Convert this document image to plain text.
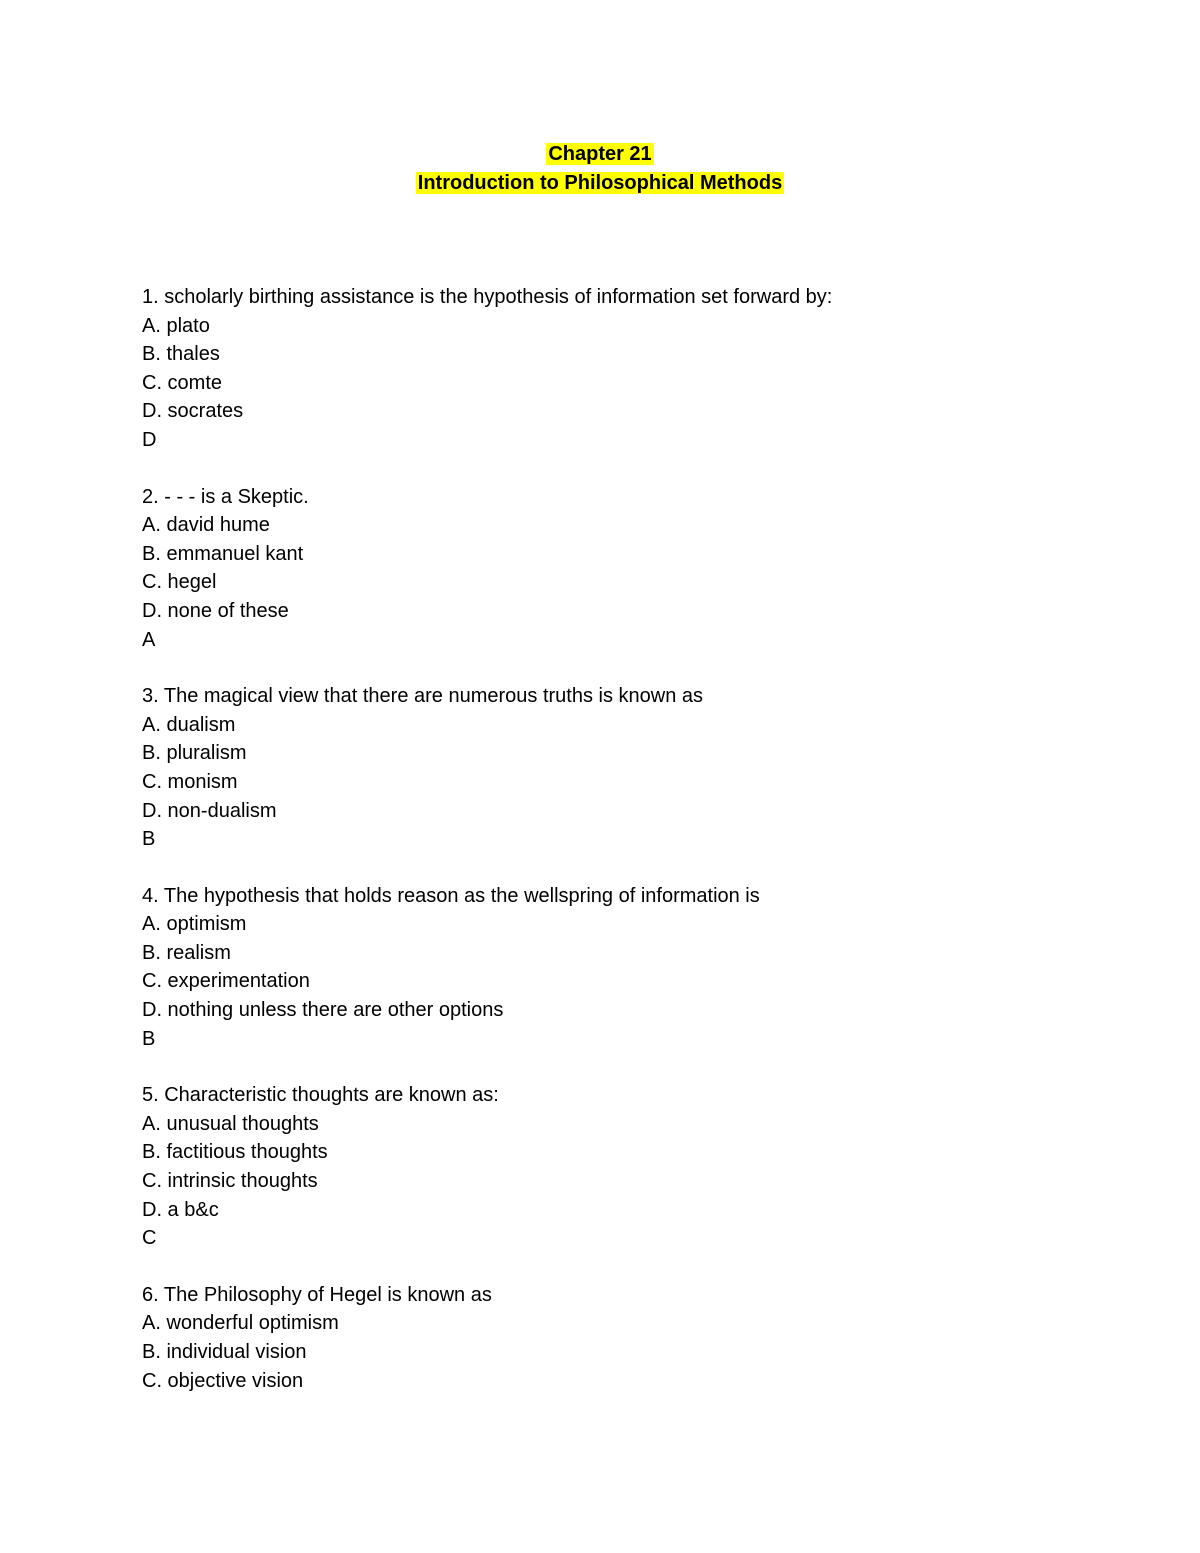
Chapter 21
Introduction to Philosophical Methods
1. scholarly birthing assistance is the hypothesis of information set forward by:
A. plato
B. thales
C. comte
D. socrates
D
2. - - - is a Skeptic.
A. david hume
B. emmanuel kant
C. hegel
D. none of these
A
3. The magical view that there are numerous truths is known as
A. dualism
B. pluralism
C. monism
D. non-dualism
B
4. The hypothesis that holds reason as the wellspring of information is
A. optimism
B. realism
C. experimentation
D. nothing unless there are other options
B
5. Characteristic thoughts are known as:
A. unusual thoughts
B. factitious thoughts
C. intrinsic thoughts
D. a b&c
C
6. The Philosophy of Hegel is known as
A. wonderful optimism
B. individual vision
C. objective vision
